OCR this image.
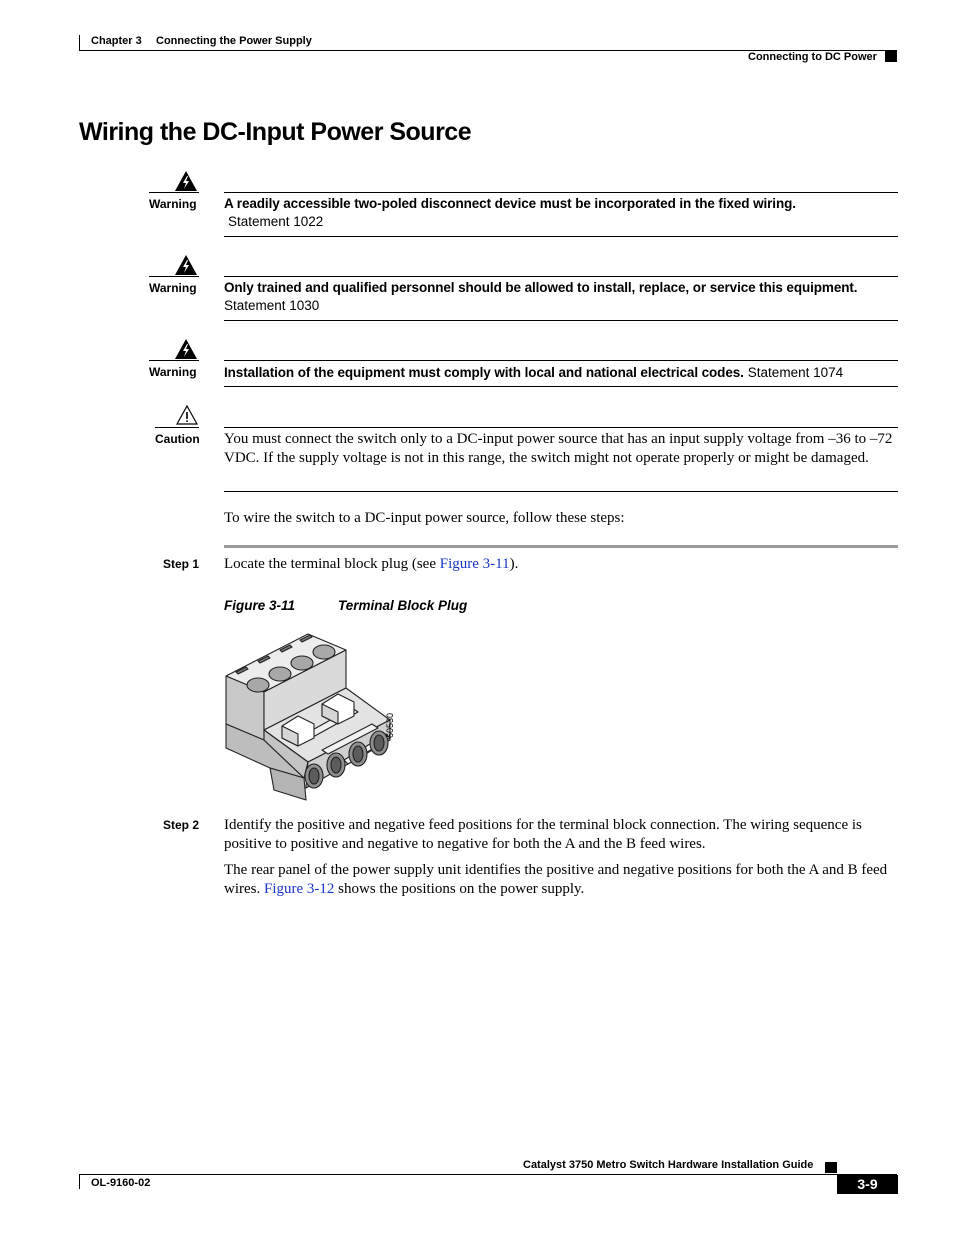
Chapter 3 Connecting the Power Supply
Connecting to DC Power
Wiring the DC-Input Power Source
Warning A readily accessible two-poled disconnect device must be incorporated in the fixed wiring.
Statement 1022
Warning Only trained and qualified personnel should be allowed to install, replace, or service this equipment.
Statement 1030
Warning Installation of the equipment must comply with local and national electrical codes. Statement 1074
Caution You must connect the switch only to a DC-input power source that has an input supply voltage from –36 to –72 VDC. If the supply voltage is not in this range, the switch might not operate properly or might be damaged.
To wire the switch to a DC-input power source, follow these steps:
Step 1 Locate the terminal block plug (see Figure 3-11).
Figure 3-11	Terminal Block Plug
60530
Step 2 Identify the positive and negative feed positions for the terminal block connection. The wiring sequence is positive to positive and negative to negative for both the A and the B feed wires.
The rear panel of the power supply unit identifies the positive and negative positions for both the A and B feed wires. Figure 3-12 shows the positions on the power supply.
Catalyst 3750 Metro Switch Hardware Installation Guide
OL-9160-02	3-9
